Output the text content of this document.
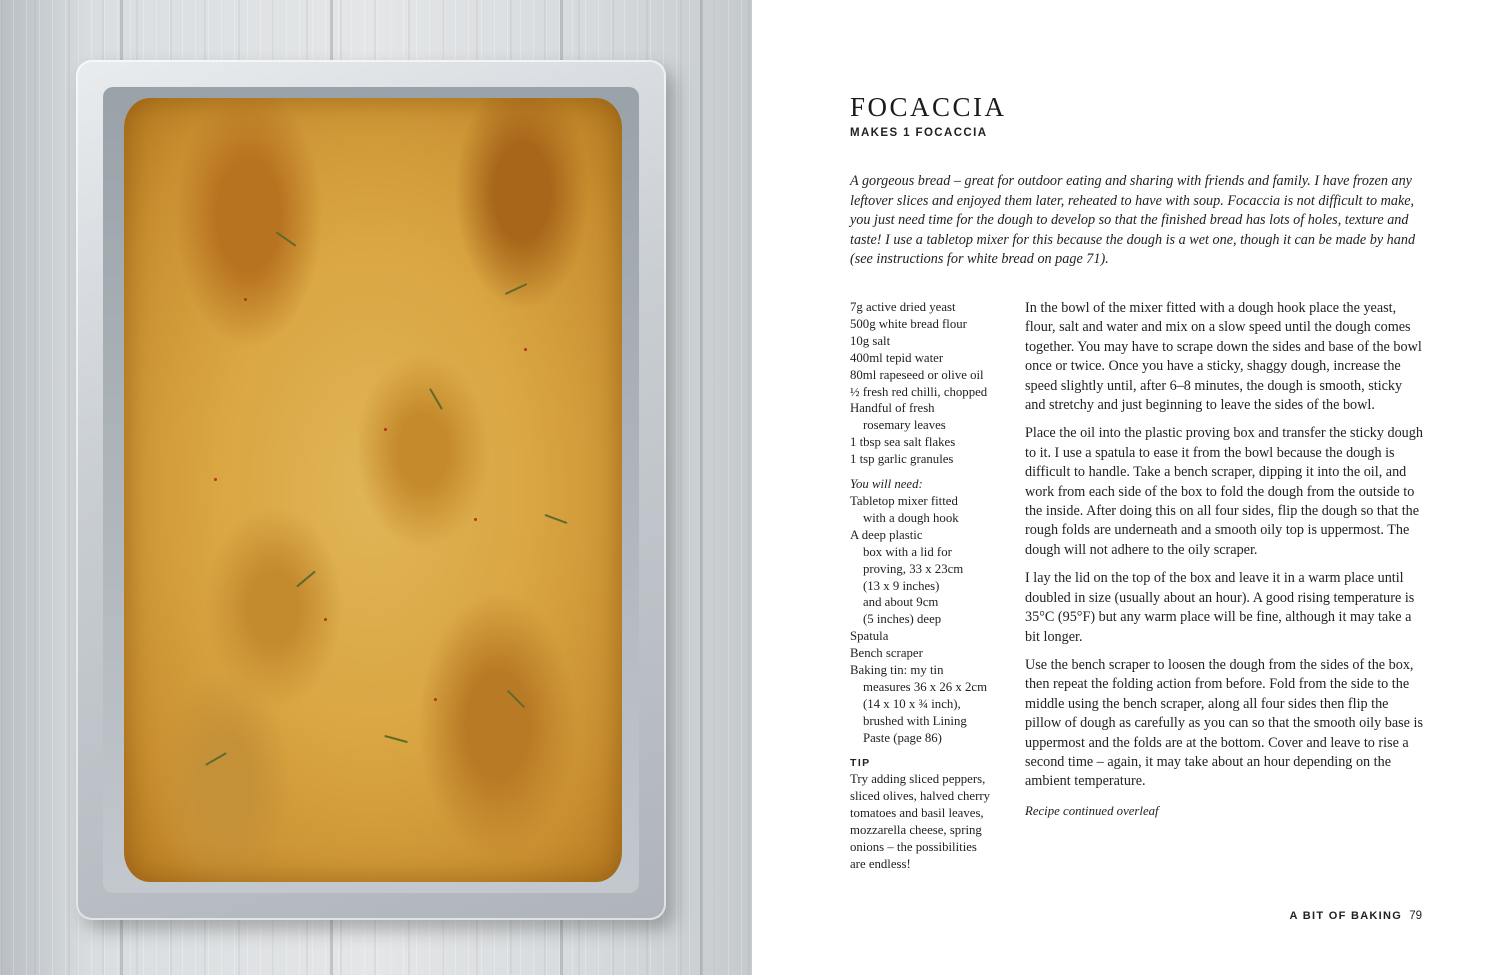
FOCACCIA
MAKES 1 FOCACCIA

A gorgeous bread – great for outdoor eating and sharing with friends and family. I have frozen any leftover slices and enjoyed them later, reheated to have with soup. Focaccia is not difficult to make, you just need time for the dough to develop so that the finished bread has lots of holes, texture and taste! I use a tabletop mixer for this because the dough is a wet one, though it can be made by hand (see instructions for white bread on page 71).

7g active dried yeast
500g white bread flour
10g salt
400ml tepid water
80ml rapeseed or olive oil
½ fresh red chilli, chopped
Handful of fresh
rosemary leaves
1 tbsp sea salt flakes
1 tsp garlic granules
You will need:
Tabletop mixer fitted
with a dough hook
A deep plastic
box with a lid for
proving, 33 x 23cm
(13 x 9 inches)
and about 9cm
(5 inches) deep
Spatula
Bench scraper
Baking tin: my tin
measures 36 x 26 x 2cm
(14 x 10 x ¾ inch),
brushed with Lining
Paste (page 86)
TIP
Try adding sliced peppers,
sliced olives, halved cherry
tomatoes and basil leaves,
mozzarella cheese, spring
onions – the possibilities
are endless!

In the bowl of the mixer fitted with a dough hook place the yeast, flour, salt and water and mix on a slow speed until the dough comes together. You may have to scrape down the sides and base of the bowl once or twice. Once you have a sticky, shaggy dough, increase the speed slightly until, after 6–8 minutes, the dough is smooth, sticky and stretchy and just beginning to leave the sides of the bowl.

Place the oil into the plastic proving box and transfer the sticky dough to it. I use a spatula to ease it from the bowl because the dough is difficult to handle. Take a bench scraper, dipping it into the oil, and work from each side of the box to fold the dough from the outside to the inside. After doing this on all four sides, flip the dough so that the rough folds are underneath and a smooth oily top is uppermost. The dough will not adhere to the oily scraper.

I lay the lid on the top of the box and leave it in a warm place until doubled in size (usually about an hour). A good rising temperature is 35°C (95°F) but any warm place will be fine, although it may take a bit longer.

Use the bench scraper to loosen the dough from the sides of the box, then repeat the folding action from before. Fold from the side to the middle using the bench scraper, along all four sides then flip the pillow of dough as carefully as you can so that the smooth oily base is uppermost and the folds are at the bottom. Cover and leave to rise a second time – again, it may take about an hour depending on the ambient temperature.

Recipe continued overleaf
A BIT OF BAKING 79
